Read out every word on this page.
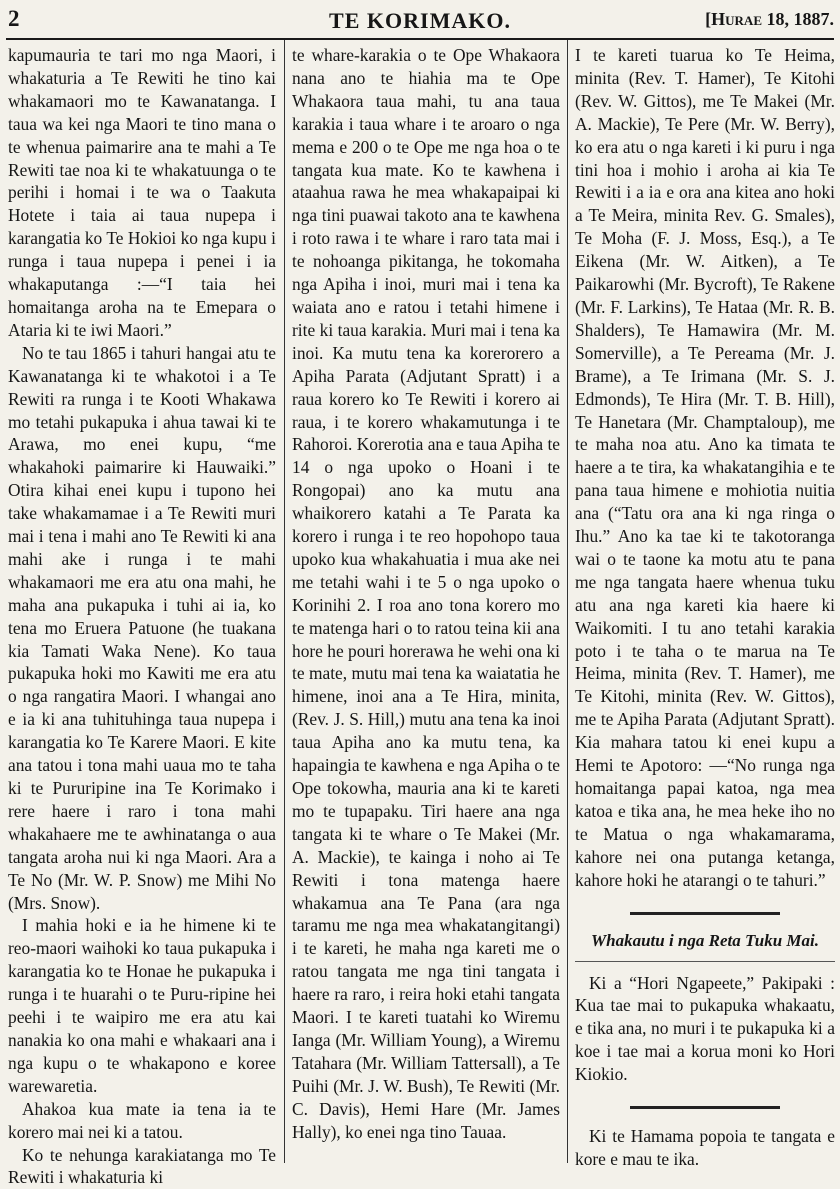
2	TE KORIMAKO.	[Hurae 18, 1887.

kapumauria te tari mo nga Maori, i whakaturia a Te Rewiti he tino kai whakamaori mo te Kawanatanga. I taua wa kei nga Maori te tino mana o te whenua paimarire ana te mahi a Te Rewiti tae noa ki te whakatuunga o te perihi i homai i te wa o Taakuta Hotete i taia ai taua nupepa i karangatia ko Te Hokioi ko nga kupu i runga i taua nupepa i penei i ia whakaputanga :—“I taia hei homaitanga aroha na te Emepara o Ataria ki te iwi Maori.”

No te tau 1865 i tahuri hangai atu te Kawanatanga ki te whakotoi i a Te Rewiti ra runga i te Kooti Whakawa mo tetahi pukapuka i ahua tawai ki te Arawa, mo enei kupu, “me whakahoki paimarire ki Hauwaiki.” Otira kihai enei kupu i tupono hei take whakamamae i a Te Rewiti muri mai i tena i mahi ano Te Rewiti ki ana mahi ake i runga i te mahi whakamaori me era atu ona mahi, he maha ana pukapuka i tuhi ai ia, ko tena mo Eruera Patuone (he tuakana kia Tamati Waka Nene). Ko taua pukapuka hoki mo Kawiti me era atu o nga rangatira Maori. I whangai ano e ia ki ana tuhituhinga taua nupepa i karangatia ko Te Karere Maori. E kite ana tatou i tona mahi uaua mo te taha ki te Pururipine ina Te Korimako i rere haere i raro i tona mahi whakahaere me te awhinatanga o aua tangata aroha nui ki nga Maori. Ara a Te No (Mr. W. P. Snow) me Mihi No (Mrs. Snow).

I mahia hoki e ia he himene ki te reo-maori waihoki ko taua pukapuka i karangatia ko te Honae he pukapuka i runga i te huarahi o te Puru-ripine hei peehi i te waipiro me era atu kai nanakia ko ona mahi e whakaari ana i nga kupu o te whakapono e koree warewaretia.

Ahakoa kua mate ia tena ia te korero mai nei ki a tatou.

Ko te nehunga karakiatanga mo Te Rewiti i whakaturia ki

te whare-karakia o te Ope Whakaora nana ano te hiahia ma te Ope Whakaora taua mahi, tu ana taua karakia i taua whare i te aroaro o nga mema e 200 o te Ope me nga hoa o te tangata kua mate. Ko te kawhena i ataahua rawa he mea whakapaipai ki nga tini puawai takoto ana te kawhena i roto rawa i te whare i raro tata mai i te nohoanga pikitanga, he tokomaha nga Apiha i inoi, muri mai i tena ka waiata ano e ratou i tetahi himene i rite ki taua karakia. Muri mai i tena ka inoi. Ka mutu tena ka korerorero a Apiha Parata (Adjutant Spratt) i a raua korero ko Te Rewiti i korero ai raua, i te korero whakamutunga i te Rahoroi. Korerotia ana e taua Apiha te 14 o nga upoko o Hoani i te Rongopai) ano ka mutu ana whaikorero katahi a Te Parata ka korero i runga i te reo hopohopo taua upoko kua whakahuatia i mua ake nei me tetahi wahi i te 5 o nga upoko o Korinihi 2. I roa ano tona korero mo te matenga hari o to ratou teina kii ana hore he pouri horerawa he wehi ona ki te mate, mutu mai tena ka waiatatia he himene, inoi ana a Te Hira, minita, (Rev. J. S. Hill,) mutu ana tena ka inoi taua Apiha ano ka mutu tena, ka hapaingia te kawhena e nga Apiha o te Ope tokowha, mauria ana ki te kareti mo te tupapaku. Tiri haere ana nga tangata ki te whare o Te Makei (Mr. A. Mackie), te kainga i noho ai Te Rewiti i tona matenga haere whakamua ana Te Pana (ara nga taramu me nga mea whakatangitangi) i te kareti, he maha nga kareti me o ratou tangata me nga tini tangata i haere ra raro, i reira hoki etahi tangata Maori. I te kareti tuatahi ko Wiremu Ianga (Mr. William Young), a Wiremu Tatahara (Mr. William Tattersall), a Te Puihi (Mr. J. W. Bush), Te Rewiti (Mr. C. Davis), Hemi Hare (Mr. James Hally), ko enei nga tino Tauaa.

I te kareti tuarua ko Te Heima, minita (Rev. T. Hamer), Te Kitohi (Rev. W. Gittos), me Te Makei (Mr. A. Mackie), Te Pere (Mr. W. Berry), ko era atu o nga kareti i ki puru i nga tini hoa i mohio i aroha ai kia Te Rewiti i a ia e ora ana kitea ano hoki a Te Meira, minita Rev. G. Smales), Te Moha (F. J. Moss, Esq.), a Te Eikena (Mr. W. Aitken), a Te Paikarowhi (Mr. Bycroft), Te Rakene (Mr. F. Larkins), Te Hataa (Mr. R. B. Shalders), Te Hamawira (Mr. M. Somerville), a Te Pereama (Mr. J. Brame), a Te Irimana (Mr. S. J. Edmonds), Te Hira (Mr. T. B. Hill), Te Hanetara (Mr. Champtaloup), me te maha noa atu. Ano ka timata te haere a te tira, ka whakatangihia e te pana taua himene e mohiotia nuitia ana (“Tatu ora ana ki nga ringa o Ihu.” Ano ka tae ki te takotoranga wai o te taone ka motu atu te pana me nga tangata haere whenua tuku atu ana nga kareti kia haere ki Waikomiti. I tu ano tetahi karakia poto i te taha o te marua na Te Heima, minita (Rev. T. Hamer), me Te Kitohi, minita (Rev. W. Gittos), me te Apiha Parata (Adjutant Spratt). Kia mahara tatou ki enei kupu a Hemi te Apotoro: —“No runga nga homaitanga papai katoa, nga mea katoa e tika ana, he mea heke iho no te Matua o nga whakamarama, kahore nei ona putanga ketanga, kahore hoki he atarangi o te tahuri.”

Whakautu i nga Reta Tuku Mai.

Ki a “Hori Ngapeete,” Pakipaki : Kua tae mai to pukapuka whakaatu, e tika ana, no muri i te pukapuka ki a koe i tae mai a korua moni ko Hori Kiokio.

Ki te Hamama popoia te tangata e kore e mau te ika.
